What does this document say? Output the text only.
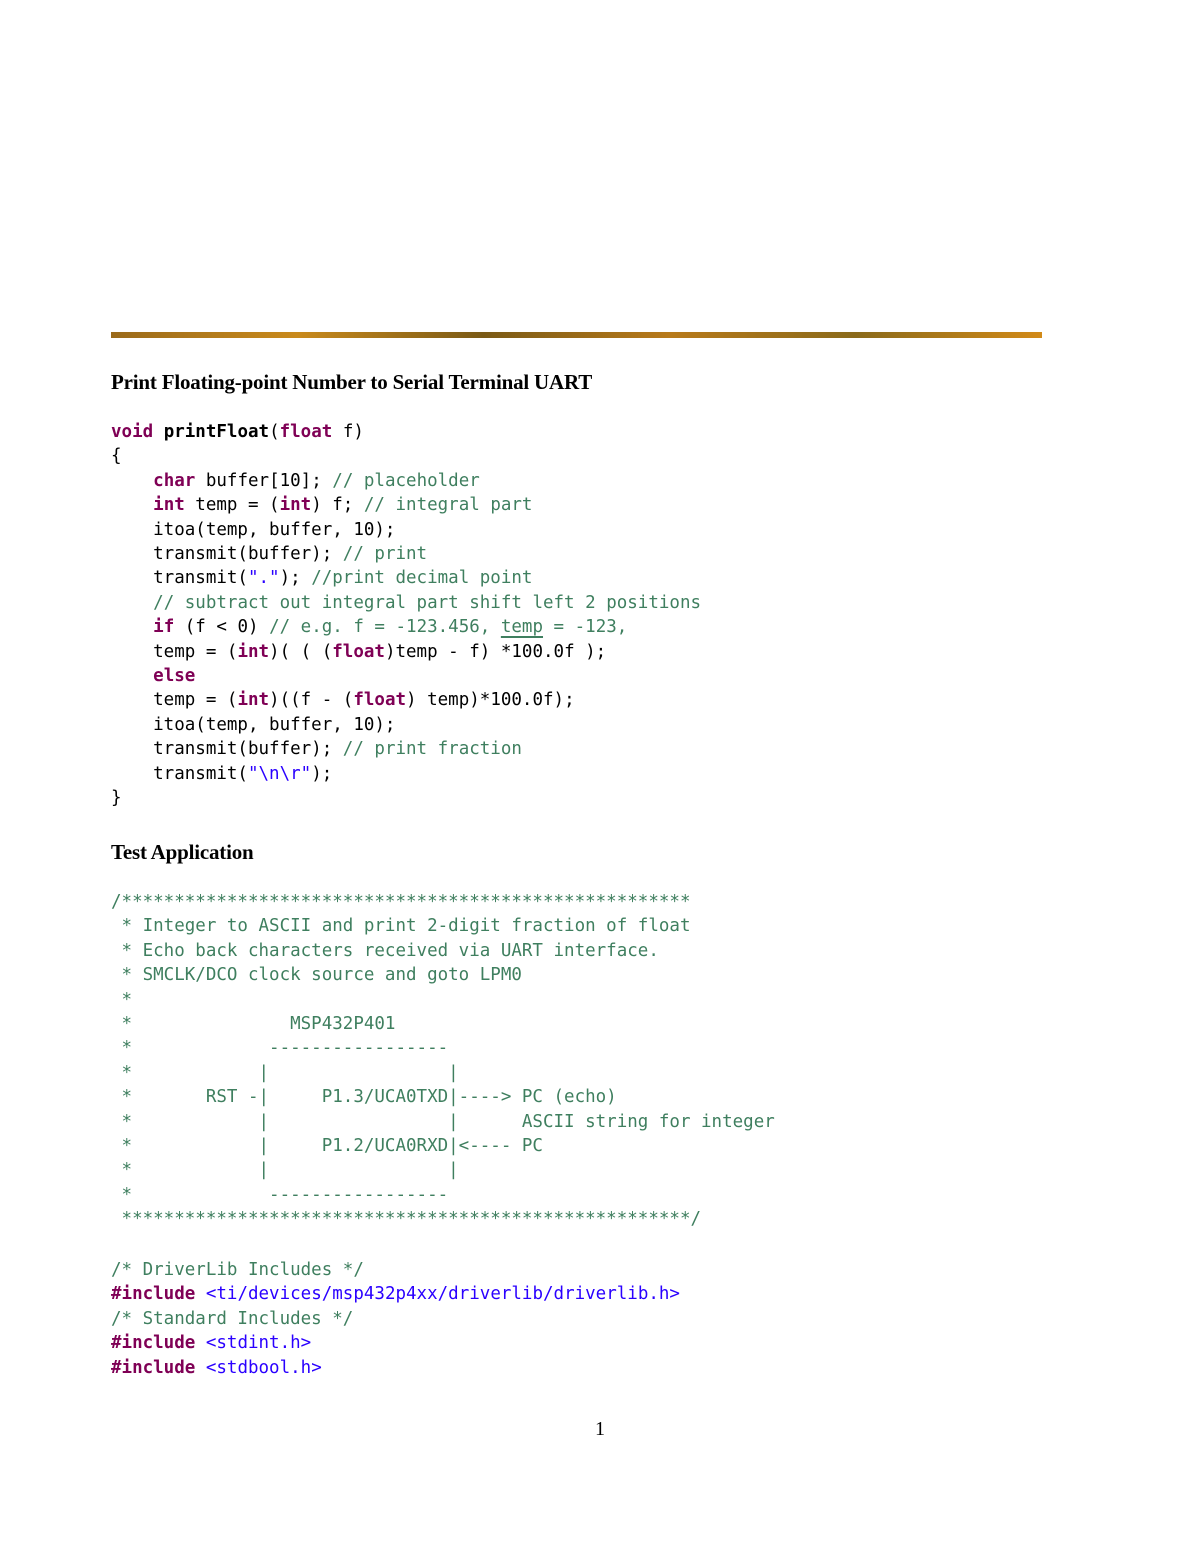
Print Floating-point Number to Serial Terminal UART
void printFloat(float f)
{
char buffer[10]; // placeholder
int temp = (int) f; // integral part
itoa(temp, buffer, 10);
transmit(buffer); // print
transmit("."); //print decimal point
// subtract out integral part shift left 2 positions
if (f < 0) // e.g. f = -123.456, temp = -123,
temp = (int)( ( (float)temp - f) *100.0f );
else
temp = (int)((f - (float) temp)*100.0f);
itoa(temp, buffer, 10);
transmit(buffer); // print fraction
transmit("\n\r");
}
Test Application
/******************************************************
* Integer to ASCII and print 2-digit fraction of float
* Echo back characters received via UART interface.
* SMCLK/DCO clock source and goto LPM0
*
*               MSP432P401
*             -----------------
*            |                 |
*       RST -|     P1.3/UCA0TXD|----> PC (echo)
*            |                 |      ASCII string for integer
*            |     P1.2/UCA0RXD|<---- PC
*            |                 |
*             -----------------
******************************************************/
/* DriverLib Includes */
#include <ti/devices/msp432p4xx/driverlib/driverlib.h>
/* Standard Includes */
#include <stdint.h>
#include <stdbool.h>
1
